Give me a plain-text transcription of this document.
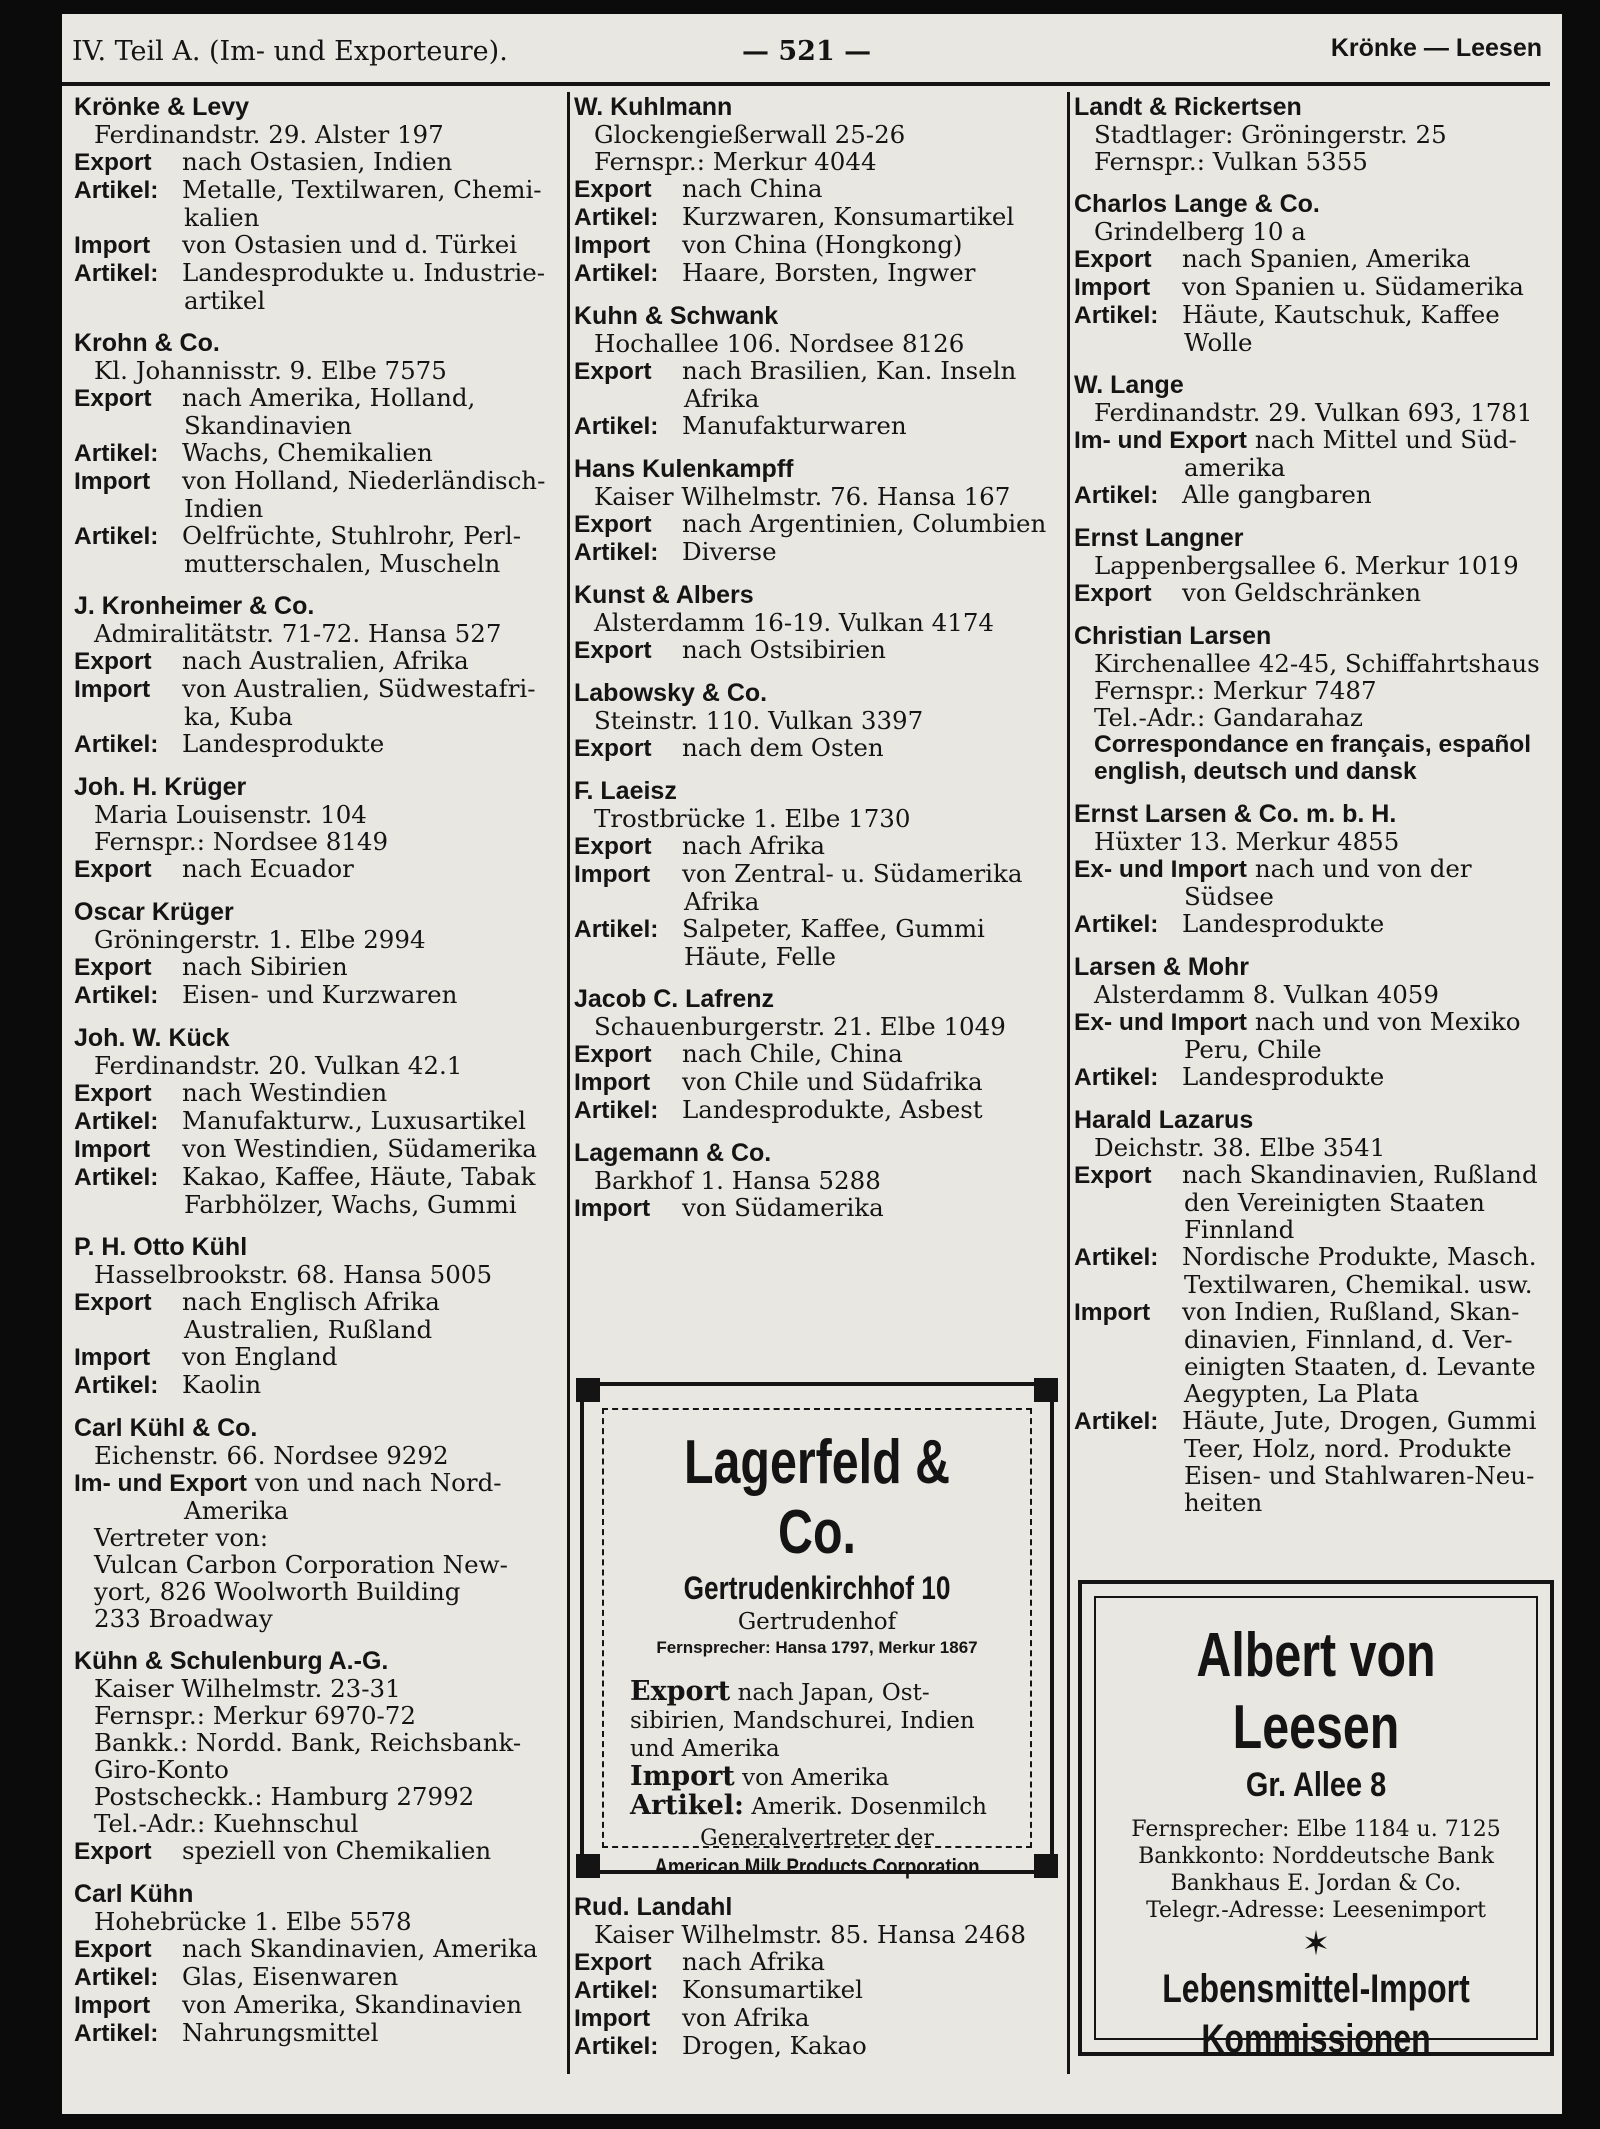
IV. Teil A. (Im- und Exporteure).	— 521 —	Krönke — Leesen
Krönke & Levy
Ferdinandstr. 29. Alster 197
Export nach Ostasien, Indien
Artikel: Metalle, Textilwaren, Chemi-
kalien
Import von Ostasien und d. Türkei
Artikel: Landesprodukte u. Industrie-
artikel
Krohn & Co.
Kl. Johannisstr. 9. Elbe 7575
Export nach Amerika, Holland,
Skandinavien
Artikel: Wachs, Chemikalien
Import von Holland, Niederländisch-
Indien
Artikel: Oelfrüchte, Stuhlrohr, Perl-
mutterschalen, Muscheln
J. Kronheimer & Co.
Admiralitätstr. 71-72. Hansa 527
Export nach Australien, Afrika
Import von Australien, Südwestafri-
ka, Kuba
Artikel: Landesprodukte
Joh. H. Krüger
Maria Louisenstr. 104
Fernspr.: Nordsee 8149
Export nach Ecuador
Oscar Krüger
Gröningerstr. 1. Elbe 2994
Export nach Sibirien
Artikel: Eisen- und Kurzwaren
Joh. W. Kück
Ferdinandstr. 20. Vulkan 42.1
Export nach Westindien
Artikel: Manufakturw., Luxusartikel
Import von Westindien, Südamerika
Artikel: Kakao, Kaffee, Häute, Tabak
Farbhölzer, Wachs, Gummi
P. H. Otto Kühl
Hasselbrookstr. 68. Hansa 5005
Export nach Englisch Afrika
Australien, Rußland
Import von England
Artikel: Kaolin
Carl Kühl & Co.
Eichenstr. 66. Nordsee 9292
Im- und Export von und nach Nord-
Amerika
Vertreter von:
Vulcan Carbon Corporation New-
yort, 826 Woolworth Building
233 Broadway
Kühn & Schulenburg A.-G.
Kaiser Wilhelmstr. 23-31
Fernspr.: Merkur 6970-72
Bankk.: Nordd. Bank, Reichsbank-
Giro-Konto
Postscheckk.: Hamburg 27992
Tel.-Adr.: Kuehnschul
Export speziell von Chemikalien
Carl Kühn
Hohebrücke 1. Elbe 5578
Export nach Skandinavien, Amerika
Artikel: Glas, Eisenwaren
Import von Amerika, Skandinavien
Artikel: Nahrungsmittel
W. Kuhlmann
Glockengießerwall 25-26
Fernspr.: Merkur 4044
Export nach China
Artikel: Kurzwaren, Konsumartikel
Import von China (Hongkong)
Artikel: Haare, Borsten, Ingwer
Kuhn & Schwank
Hochallee 106. Nordsee 8126
Export nach Brasilien, Kan. Inseln
Afrika
Artikel: Manufakturwaren
Hans Kulenkampff
Kaiser Wilhelmstr. 76. Hansa 167
Export nach Argentinien, Columbien
Artikel: Diverse
Kunst & Albers
Alsterdamm 16-19. Vulkan 4174
Export nach Ostsibirien
Labowsky & Co.
Steinstr. 110. Vulkan 3397
Export nach dem Osten
F. Laeisz
Trostbrücke 1. Elbe 1730
Export nach Afrika
Import von Zentral- u. Südamerika
Afrika
Artikel: Salpeter, Kaffee, Gummi
Häute, Felle
Jacob C. Lafrenz
Schauenburgerstr. 21. Elbe 1049
Export nach Chile, China
Import von Chile und Südafrika
Artikel: Landesprodukte, Asbest
Lagemann & Co.
Barkhof 1. Hansa 5288
Import von Südamerika
Landt & Rickertsen
Stadtlager: Gröningerstr. 25
Fernspr.: Vulkan 5355
Charlos Lange & Co.
Grindelberg 10 a
Export nach Spanien, Amerika
Import von Spanien u. Südamerika
Artikel: Häute, Kautschuk, Kaffee
Wolle
W. Lange
Ferdinandstr. 29. Vulkan 693, 1781
Im- und Export nach Mittel und Süd-
amerika
Artikel: Alle gangbaren
Ernst Langner
Lappenbergsallee 6. Merkur 1019
Export von Geldschränken
Christian Larsen
Kirchenallee 42-45, Schiffahrtshaus
Fernspr.: Merkur 7487
Tel.-Adr.: Gandarahaz
Correspondance en français, español
english, deutsch und dansk
Ernst Larsen & Co. m. b. H.
Hüxter 13. Merkur 4855
Ex- und Import nach und von der
Südsee
Artikel: Landesprodukte
Larsen & Mohr
Alsterdamm 8. Vulkan 4059
Ex- und Import nach und von Mexiko
Peru, Chile
Artikel: Landesprodukte
Harald Lazarus
Deichstr. 38. Elbe 3541
Export nach Skandinavien, Rußland
den Vereinigten Staaten
Finnland
Artikel: Nordische Produkte, Masch.
Textilwaren, Chemikal. usw.
Import von Indien, Rußland, Skan-
dinavien, Finnland, d. Ver-
einigten Staaten, d. Levante
Aegypten, La Plata
Artikel: Häute, Jute, Drogen, Gummi
Teer, Holz, nord. Produkte
Eisen- und Stahlwaren-Neu-
heiten
Rud. Landahl
Kaiser Wilhelmstr. 85. Hansa 2468
Export nach Afrika
Artikel: Konsumartikel
Import von Afrika
Artikel: Drogen, Kakao
Lagerfeld & Co.
Gertrudenkirchhof 10
Gertrudenhof
Fernsprecher: Hansa 1797, Merkur 1867
Export nach Japan, Ost-
sibirien, Mandschurei, Indien
und Amerika
Import von Amerika
Artikel: Amerik. Dosenmilch
Generalvertreter der
American Milk Products Corporation
Albert von Leesen
Gr. Allee 8
Fernsprecher: Elbe 1184 u. 7125
Bankkonto: Norddeutsche Bank
Bankhaus E. Jordan & Co.
Telegr.-Adresse: Leesenimport
✶
Lebensmittel-Import
Kommissionen
